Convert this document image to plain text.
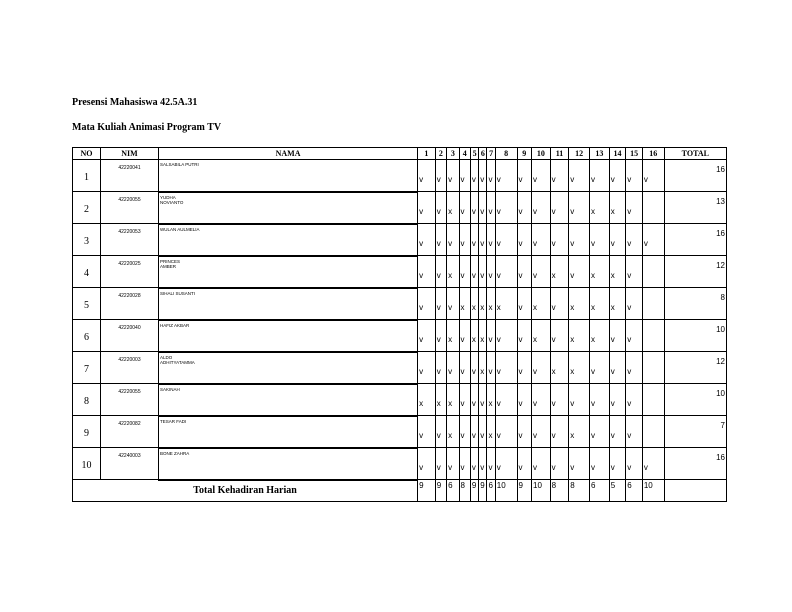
Presensi Mahasiswa 42.5A.31
Mata Kuliah Animasi Program TV
NO	NIM	NAMA	1	2	3	4	5	6	7	8	9	10	11	12	13	14	15	16	TOTAL
1	42220041	SALSABILA PUTRI	v	v	v	v	v	v	v	v	v	v	v	v	v	v	v	v	16
2	42220055	YUDHA
NOVIANTO	v	v	x	v	v	v	v	v	v	v	v	v	x	x	v		13
3	42220053	WULAN AULMELIA	v	v	v	v	v	v	v	v	v	v	v	v	v	v	v	v	16
4	42220025	PRINCES
AMBER	v	v	x	v	v	v	v	v	v	v	x	v	x	x	v		12
5	42220028	SIHALI SUSANTI	v	v	v	x	x	x	x	x	v	x	v	x	x	x	v		8
6	42220040	HAFIZ AKBAR	v	v	x	v	x	x	v	v	v	x	v	x	x	v	v		10
7	42220003	ALDO
ADHITYATAMMA	v	v	v	v	v	x	v	v	v	v	x	x	v	v	v		12
8	42220055	SAKINAH	x	x	x	v	v	v	x	v	v	v	v	v	v	v	v		10
9	42220082	TESAR FADI	v	v	x	v	v	v	x	v	v	v	v	x	v	v	v		7
10	42240003	BONE ZAHRA	v	v	v	v	v	v	v	v	v	v	v	v	v	v	v	v	16
Total Kehadiran Harian			9	9	6	8	9	9	6	10	9	10	8	8	6	5	6	10	
